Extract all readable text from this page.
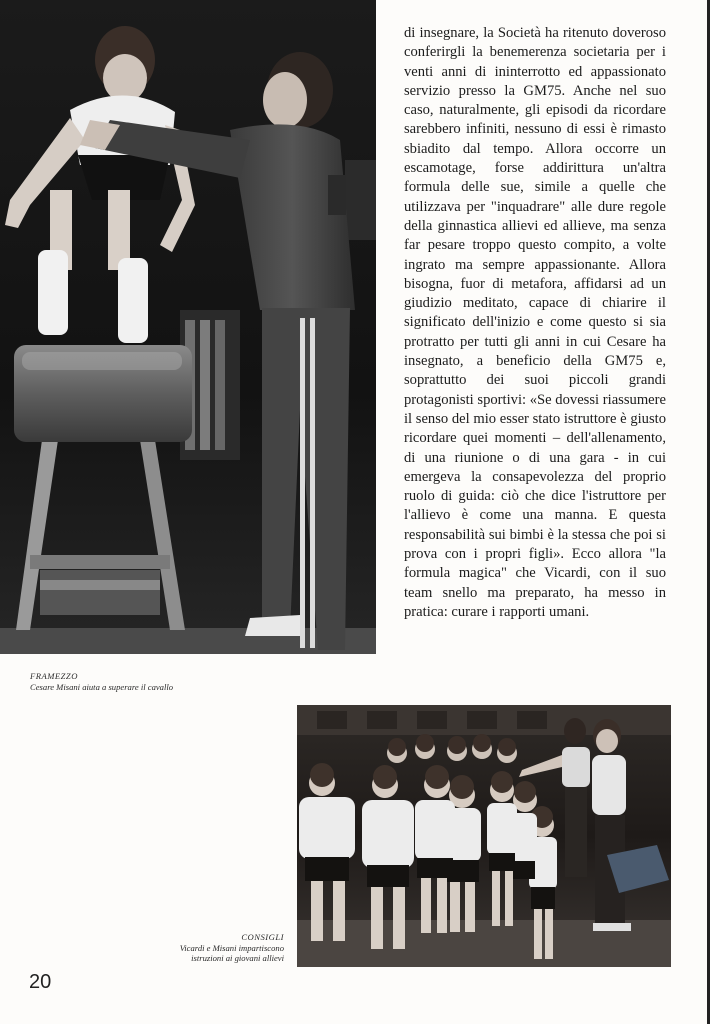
di insegnare, la Società ha ritenuto doveroso conferirgli la benemerenza societaria per i venti anni di ininterrotto ed appassionato servizio presso la GM75. Anche nel suo caso, naturalmente, gli episodi da ricordare sarebbero infiniti, nessuno di essi è rimasto sbiadito dal tempo. Allora occorre un escamotage, forse addirittura un'altra formula delle sue, simile a quelle che utilizzava per "inquadrare" alle dure regole della ginnastica allievi ed allieve, ma senza far pesare troppo questo compito, a volte ingrato ma sempre appassionante. Allora bisogna, fuor di metafora, affidarsi ad un giudizio meditato, capace di chiarire il significato dell'inizio e come questo si sia protratto per tutti gli anni in cui Cesare ha insegnato, a beneficio della GM75 e, soprattutto dei suoi piccoli grandi protagonisti sportivi: «Se dovessi riassumere il senso del mio esser stato istruttore è giusto ricordare quei momenti – dell'allenamento, di una riunione o di una gara - in cui emergeva la consapevolezza del proprio ruolo di guida: ciò che dice l'istruttore per l'allievo è come una manna. E questa responsabilità sui bimbi è la stessa che poi si prova con i propri figli». Ecco allora "la formula magica" che Vicardi, con il suo team snello ma preparato, ha messo in pratica: curare i rapporti umani.

FRAMEZZO
Cesare Misani aiuta a superare il cavallo
CONSIGLI
Vicardi e Misani impartiscono istruzioni ai giovani allievi
20
